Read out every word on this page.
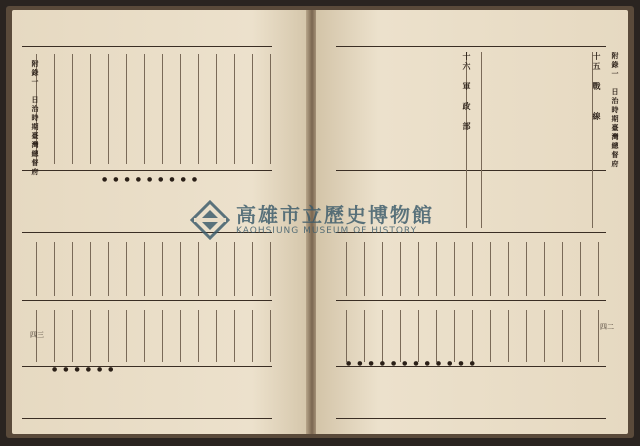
●●●●●●●●●
●●●●●●
●●●●●●●●●●●●
十五　戰　　線 附錄一　日治時期臺灣總督府
十六　軍　政　部
附錄一　日治時期臺灣總督府
四二
四三
高雄市立歷史博物館
KAOHSIUNG MUSEUM OF HISTORY
